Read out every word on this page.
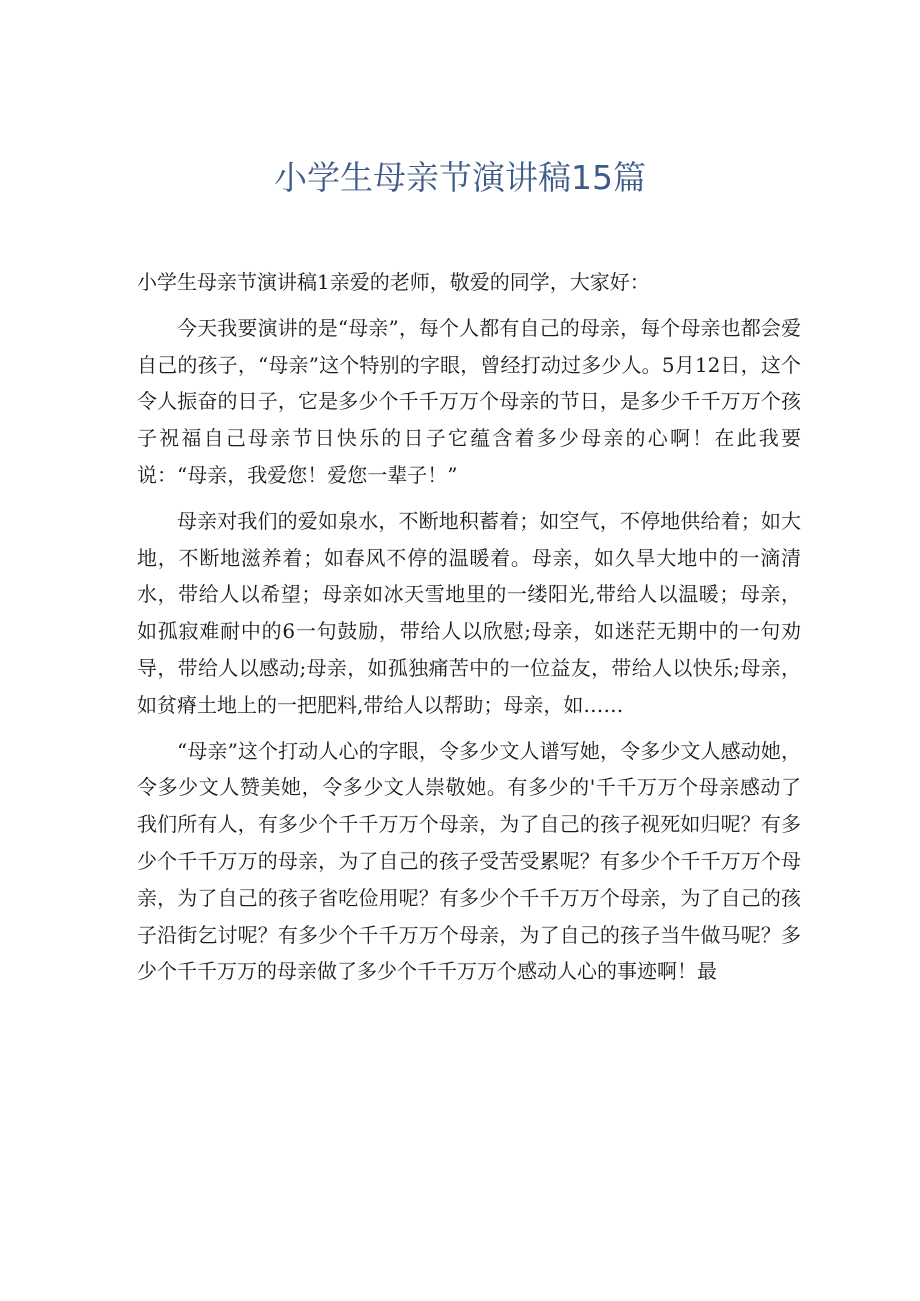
小学生母亲节演讲稿15篇

小学生母亲节演讲稿1亲爱的老师，敬爱的同学，大家好：

今天我要演讲的是“母亲”，每个人都有自己的母亲，每个母亲也都会爱自己的孩子，“母亲”这个特别的字眼，曾经打动过多少人。5月12日，这个令人振奋的日子，它是多少个千千万万个母亲的节日，是多少千千万万个孩子祝福自己母亲节日快乐的日子它蕴含着多少母亲的心啊！在此我要说：“母亲，我爱您！爱您一辈子！”

母亲对我们的爱如泉水，不断地积蓄着；如空气，不停地供给着；如大地，不断地滋养着；如春风不停的温暖着。母亲，如久旱大地中的一滴清水，带给人以希望；母亲如冰天雪地里的一缕阳光,带给人以温暖；母亲，如孤寂难耐中的6一句鼓励，带给人以欣慰;母亲，如迷茫无期中的一句劝导，带给人以感动;母亲，如孤独痛苦中的一位益友，带给人以快乐;母亲，如贫瘠土地上的一把肥料,带给人以帮助；母亲，如……

“母亲”这个打动人心的字眼，令多少文人谱写她，令多少文人感动她，令多少文人赞美她，令多少文人崇敬她。有多少的'千千万万个母亲感动了我们所有人，有多少个千千万万个母亲，为了自己的孩子视死如归呢？有多少个千千万万的母亲，为了自己的孩子受苦受累呢？有多少个千千万万个母亲，为了自己的孩子省吃俭用呢？有多少个千千万万个母亲，为了自己的孩子沿街乞讨呢？有多少个千千万万个母亲，为了自己的孩子当牛做马呢？多少个千千万万的母亲做了多少个千千万万个感动人心的事迹啊！最
